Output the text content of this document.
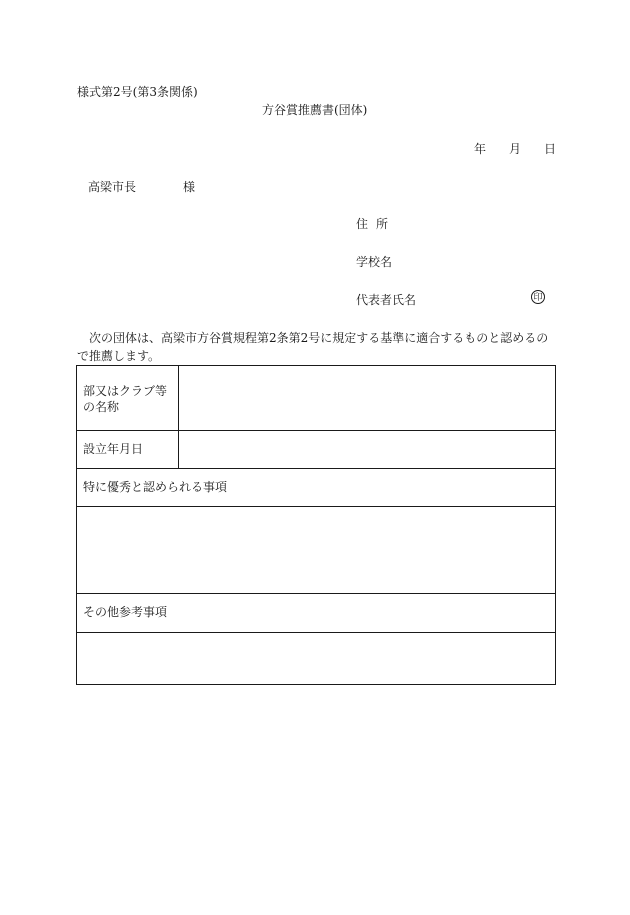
様式第2号(第3条関係)
方谷賞推薦書(団体)
年 月 日
高梁市長	様
住所
学校名
代表者氏名	印
次の団体は、高梁市方谷賞規程第2条第2号に規定する基準に適合するものと認めるので推薦します。
部又はクラブ等
の名称
設立年月日
特に優秀と認められる事項
その他参考事項
